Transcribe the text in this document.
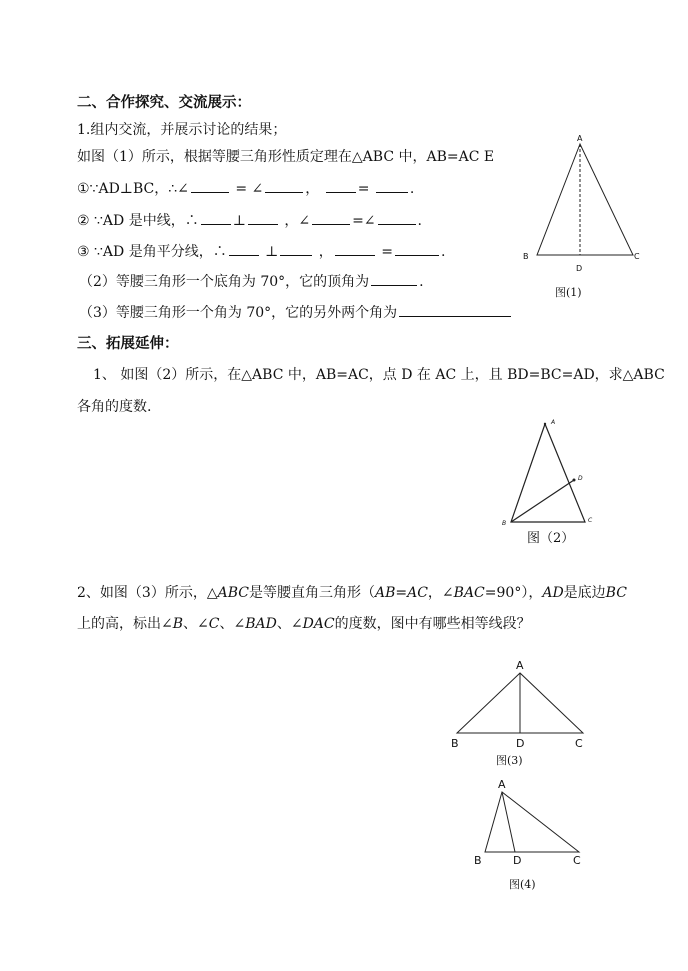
二、合作探究、交流展示：
1.组内交流，并展示讨论的结果；
如图（1）所示，根据等腰三角形性质定理在△ABC 中，AB=AC E
①∵AD⊥BC，∴∠	= ∠	，	=	.
② ∵AD 是中线，∴ ⊥	，∠	=∠	.
③ ∵AD 是角平分线，∴	⊥	，	=	.
（2）等腰三角形一个底角为 70°，它的顶角为	.
（3）等腰三角形一个角为 70°，它的另外两个角为
A
B	C
D
图(1)
三、拓展延伸：
1、 如图（2）所示，在△ABC 中，AB=AC，点 D 在 AC 上，且 BD=BC=AD，求△ABC
各角的度数.
A
B	C
D
图（2）
2、如图（3）所示，△ABC是等腰直角三角形（AB=AC，∠BAC=90°），AD是底边BC
上的高，标出∠B、∠C、∠BAD、∠DAC的度数，图中有哪些相等线段？
A
B	D	C
图(3)
A
B	D	C
图(4)
